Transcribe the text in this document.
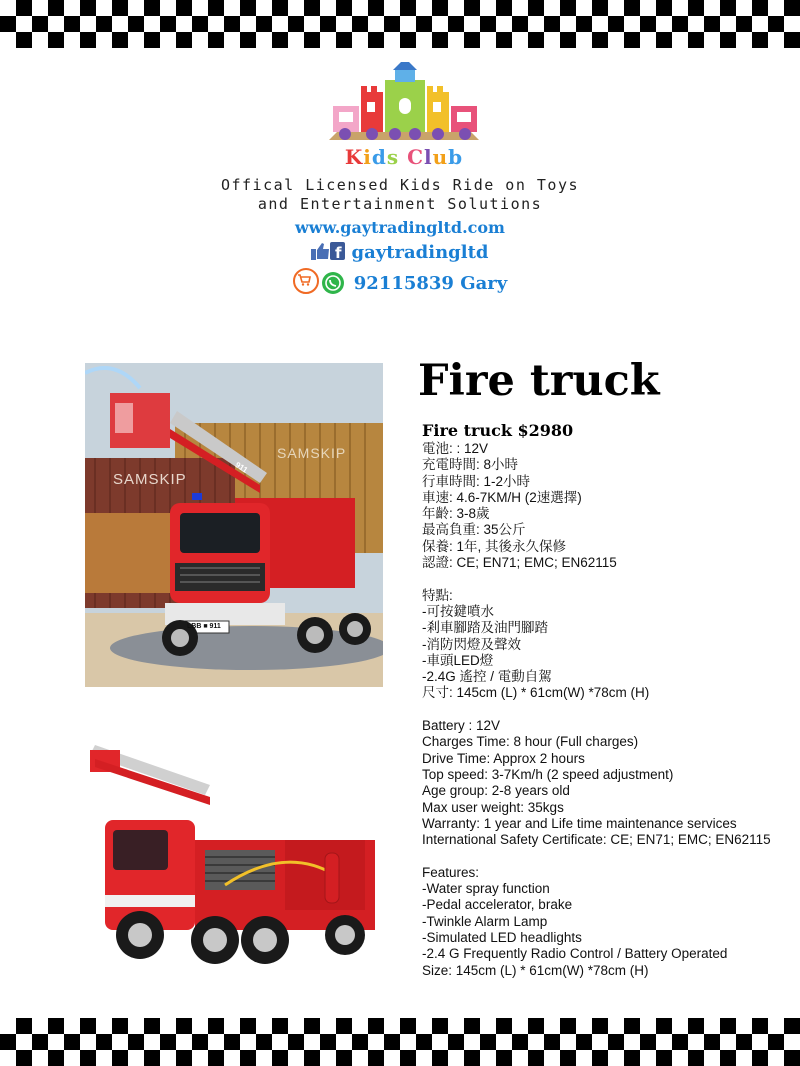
Kids Club
Offical Licensed Kids Ride on Toys
and Entertainment Solutions
www.gaytradingltd.com
f gaytradingltd
92115839 Gary
SAMSKIP
SAMSKIP
LBB ■ 911
911
Fire truck
Fire truck $2980
電池: : 12V
充電時間: 8小時
行車時間: 1-2小時
車速: 4.6-7KM/H (2速選擇)
年齡: 3-8歲
最高負重: 35公斤
保養: 1年, 其後永久保修
認證: CE; EN71; EMC; EN62115
特點:
-可按鍵噴水
-剎車腳踏及油門腳踏
-消防閃燈及聲效
-車頭LED燈
-2.4G 遙控 / 電動自駕
尺寸: 145cm (L) * 61cm(W) *78cm (H)
Battery : 12V
Charges Time: 8 hour (Full charges)
Drive Time: Approx 2 hours
Top speed: 3-7Km/h (2 speed adjustment)
Age group: 2-8 years old
Max user weight: 35kgs
Warranty: 1 year and Life time maintenance services
International Safety Certificate: CE; EN71; EMC; EN62115
Features:
-Water spray function
-Pedal accelerator, brake
-Twinkle Alarm Lamp
-Simulated LED headlights
-2.4 G Frequently Radio Control / Battery Operated
Size: 145cm (L) * 61cm(W) *78cm (H)
